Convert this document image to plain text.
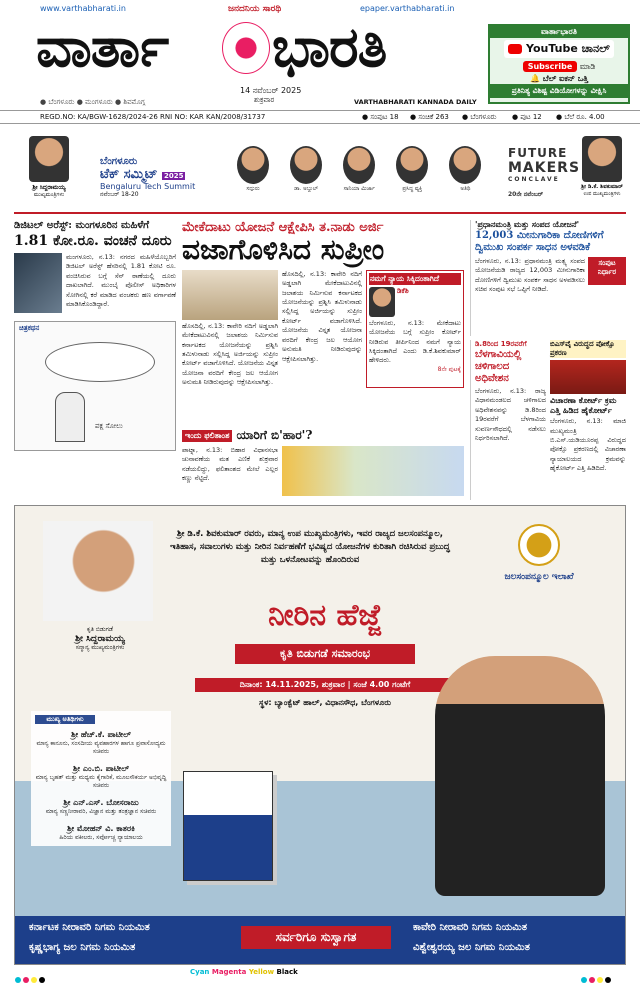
www.varthabharati.in	epaper.varthabharati.in
ಜನದನಿಯ ಸಾರಥಿ
ವಾರ್ತಾ ಭಾರತಿ
14 ನವೆಂಬರ್ 2025
ಶುಕ್ರವಾರ
● ಬೆಂಗಳೂರು ● ಮಂಗಳೂರು ● ಶಿವಮೊಗ್ಗ	VARTHABHARATI KANNADA DAILY
ವಾರ್ತಾಭಾರತಿ
YouTube ಚಾನಲ್
Subscribe ಮಾಡಿ
🔔 ಬೆಲ್ ಐಕನ್ ಒತ್ತಿ
ಪ್ರತಿನಿತ್ಯ ವಿಶಿಷ್ಟ ವಿಡಿಯೋಗಳನ್ನು ವೀಕ್ಷಿಸಿ
REGD.NO: KA/BGW-1628/2024-26 RNI NO: KAR KAN/2008/31737	● ಸಂಪುಟ 18 ● ಸಂಚಿಕೆ 263 ● ಬೆಂಗಳೂರು ● ಪುಟ 12 ● ಬೆಲೆ ರೂ. 4.00
ಶ್ರೀ ಸಿದ್ದರಾಮಯ್ಯ
ಮುಖ್ಯಮಂತ್ರಿಗಳು
ಬೆಂಗಳೂರು
ಟೆಕ್ ಸಮ್ಮಿಟ್ 2025
Bengaluru Tech Summit
ನವೆಂಬರ್ 18-20
ಸದ್ಗುರು	ಡಾ. ಅಬ್ದುಲ್	ಸಾನಿಯಾ ಮಿರ್ಜಾ	ಪ್ರಸಿದ್ಧ ವ್ಯಕ್ತಿ	ಅತಿಥಿ
FUTURE
MAKERS
CONCLAVE
20ನೇ ನವೆಂಬರ್
ಶ್ರೀ ಡಿ.ಕೆ. ಶಿವಕುಮಾರ್
ಉಪ ಮುಖ್ಯಮಂತ್ರಿಗಳು
ಡಿಜಿಟಲ್ ಅರೆಸ್ಟ್: ಮಂಗಳೂರಿನ ಮಹಿಳೆಗೆ
1.81 ಕೋ.ರೂ. ವಂಚನೆ ದೂರು
ಮಂಗಳೂರು, ನ.13: ನಗರದ ಮಹಿಳೆಯೊಬ್ಬರಿಗೆ ಡಿಜಿಟಲ್ ಅರೆಸ್ಟ್ ಹೆಸರಿನಲ್ಲಿ 1.81 ಕೋಟಿ ರೂ. ವಂಚಿಸಿರುವ ಬಗ್ಗೆ ಸೆನ್ ಠಾಣೆಯಲ್ಲಿ ದೂರು ದಾಖಲಾಗಿದೆ. ಮುಂಬೈ ಪೊಲೀಸ್ ಅಧಿಕಾರಿಗಳ ಸೋಗಿನಲ್ಲಿ ಕರೆ ಮಾಡಿದ ವಂಚಕರು ಹಣ ವರ್ಗಾವಣೆ ಮಾಡಿಸಿಕೊಂಡಿದ್ದಾರೆ.
ಚಿತ್ರಕಥನ
ಪಕ್ಷ ಸೋಲು
ಮೇಕೆದಾಟು ಯೋಜನೆ ಆಕ್ಷೇಪಿಸಿ ತ.ನಾಡು ಅರ್ಜಿ
ವಜಾಗೊಳಿಸಿದ ಸುಪ್ರೀಂ
ಹೊಸದಿಲ್ಲಿ, ನ.13: ಕಾವೇರಿ ನದಿಗೆ ಅಡ್ಡಲಾಗಿ ಮೇಕೆದಾಟುವಿನಲ್ಲಿ ಜಲಾಶಯ ನಿರ್ಮಿಸುವ ಕರ್ನಾಟಕದ ಯೋಜನೆಯನ್ನು ಪ್ರಶ್ನಿಸಿ ತಮಿಳುನಾಡು ಸಲ್ಲಿಸಿದ್ದ ಅರ್ಜಿಯನ್ನು ಸುಪ್ರೀಂ ಕೋರ್ಟ್ ವಜಾಗೊಳಿಸಿದೆ. ಯೋಜನೆಯ ವಿಸ್ತೃತ ಯೋಜನಾ ವರದಿಗೆ ಕೇಂದ್ರ ಜಲ ಆಯೋಗ ಅನುಮತಿ ನೀಡಿರುವುದನ್ನು ಆಕ್ಷೇಪಿಸಲಾಗಿತ್ತು.
ಹೊಸದಿಲ್ಲಿ, ನ.13: ಕಾವೇರಿ ನದಿಗೆ ಅಡ್ಡಲಾಗಿ ಮೇಕೆದಾಟುವಿನಲ್ಲಿ ಜಲಾಶಯ ನಿರ್ಮಿಸುವ ಕರ್ನಾಟಕದ ಯೋಜನೆಯನ್ನು ಪ್ರಶ್ನಿಸಿ ತಮಿಳುನಾಡು ಸಲ್ಲಿಸಿದ್ದ ಅರ್ಜಿಯನ್ನು ಸುಪ್ರೀಂ ಕೋರ್ಟ್ ವಜಾಗೊಳಿಸಿದೆ. ಯೋಜನೆಯ ವಿಸ್ತೃತ ಯೋಜನಾ ವರದಿಗೆ ಕೇಂದ್ರ ಜಲ ಆಯೋಗ ಅನುಮತಿ ನೀಡಿರುವುದನ್ನು ಆಕ್ಷೇಪಿಸಲಾಗಿತ್ತು.
ನಮಗೆ ನ್ಯಾಯ ಸಿಕ್ಕಿದಂತಾಗಿದೆ
ಡಿಕೆಶಿ
ಬೆಂಗಳೂರು, ನ.13: ಮೇಕೆದಾಟು ಯೋಜನೆಯ ಬಗ್ಗೆ ಸುಪ್ರೀಂ ಕೋರ್ಟ್ ನೀಡಿರುವ ತೀರ್ಪಿನಿಂದ ನಮಗೆ ನ್ಯಾಯ ಸಿಕ್ಕಿದಂತಾಗಿದೆ ಎಂದು ಡಿ.ಕೆ.ಶಿವಕುಮಾರ್ ಹೇಳಿದರು.
8ನೇ ಪುಟಕ್ಕೆ
ಇಂದು ಫಲಿತಾಂಶ ಯಾರಿಗೆ ಬಿ'ಹಾರ'?
ಪಾಟ್ನಾ, ನ.13: ಬಿಹಾರ ವಿಧಾನಸಭಾ ಚುನಾವಣೆಯ ಮತ ಎಣಿಕೆ ಶುಕ್ರವಾರ ನಡೆಯಲಿದ್ದು, ಫಲಿತಾಂಶದ ಮೇಲೆ ಎಲ್ಲರ ಕಣ್ಣು ನೆಟ್ಟಿದೆ.
'ಪ್ರಧಾನಮಂತ್ರಿ ಮತ್ತು ಸಂಪದ ಯೋಜನೆ'
12,003 ಮೀನುಗಾರಿಕಾ ದೋಣಿಗಳಿಗೆ ದ್ವಿಮುಖ ಸಂಪರ್ಕ ಸಾಧನ ಅಳವಡಿಕೆ
ಬೆಂಗಳೂರು, ನ.13: ಪ್ರಧಾನಮಂತ್ರಿ ಮತ್ಸ್ಯ ಸಂಪದ ಯೋಜನೆಯಡಿ ರಾಜ್ಯದ 12,003 ಮೀನುಗಾರಿಕಾ ದೋಣಿಗಳಿಗೆ ದ್ವಿಮುಖ ಸಂಪರ್ಕ ಸಾಧನ ಅಳವಡಿಸಲು ಸಚಿವ ಸಂಪುಟ ಸಭೆ ಒಪ್ಪಿಗೆ ನೀಡಿದೆ.
ಸಂಪುಟ ನಿರ್ಧಾರ
ಡಿ.8ರಿಂದ 19ರವರೆಗೆ
ಬೆಳಗಾವಿಯಲ್ಲಿ ಚಳಿಗಾಲದ ಅಧಿವೇಶನ
ಬೆಂಗಳೂರು, ನ.13: ರಾಜ್ಯ ವಿಧಾನಮಂಡಲದ ಚಳಿಗಾಲದ ಅಧಿವೇಶನವನ್ನು ಡಿ.8ರಿಂದ 19ರವರೆಗೆ ಬೆಳಗಾವಿಯ ಸುವರ್ಣಸೌಧದಲ್ಲಿ ನಡೆಸಲು ನಿರ್ಧರಿಸಲಾಗಿದೆ.
ಬಿಎಸ್‌ವೈ ವಿರುದ್ಧದ ಪೋಕ್ಸೊ ಪ್ರಕರಣ
ವಿಚಾರಣಾ ಕೋರ್ಟ್ ಕ್ರಮ ಎತ್ತಿ ಹಿಡಿದ ಹೈಕೋರ್ಟ್
ಬೆಂಗಳೂರು, ನ.13: ಮಾಜಿ ಮುಖ್ಯಮಂತ್ರಿ ಬಿ.ಎಸ್.ಯಡಿಯೂರಪ್ಪ ವಿರುದ್ಧದ ಪೋಕ್ಸೊ ಪ್ರಕರಣದಲ್ಲಿ ವಿಚಾರಣಾ ನ್ಯಾಯಾಲಯದ ಕ್ರಮವನ್ನು ಹೈಕೋರ್ಟ್ ಎತ್ತಿ ಹಿಡಿದಿದೆ.
ಕೃತಿ ಬಿಡುಗಡೆ
ಶ್ರೀ ಸಿದ್ದರಾಮಯ್ಯ
ಸನ್ಮಾನ್ಯ ಮುಖ್ಯಮಂತ್ರಿಗಳು
ಶ್ರೀ ಡಿ.ಕೆ. ಶಿವಕುಮಾರ್ ರವರು, ಮಾನ್ಯ ಉಪ ಮುಖ್ಯಮಂತ್ರಿಗಳು, ಇವರ ರಾಜ್ಯದ ಜಲಸಂಪನ್ಮೂಲ, ಇತಿಹಾಸ, ಸವಾಲುಗಳು ಮತ್ತು ನೀರಿನ ನಿರ್ವಹಣೆಗೆ ಭವಿಷ್ಯದ ಯೋಜನೆಗಳ ಕುರಿತಾಗಿ ರಚಿಸಿರುವ ಪ್ರಬುದ್ಧ ಮತ್ತು ಒಳನೋಟವನ್ನು ಹೊಂದಿರುವ
ಜಲಸಂಪನ್ಮೂಲ ಇಲಾಖೆ
ನೀರಿನ ಹೆಜ್ಜೆ
ಕೃತಿ ಬಿಡುಗಡೆ ಸಮಾರಂಭ
ದಿನಾಂಕ: 14.11.2025, ಶುಕ್ರವಾರ | ಸಂಜೆ 4.00 ಗಂಟೆಗೆ
ಸ್ಥಳ: ಬ್ಯಾಂಕ್ವೆಟ್ ಹಾಲ್, ವಿಧಾನಸೌಧ, ಬೆಂಗಳೂರು
ಮುಖ್ಯ ಅತಿಥಿಗಳು
ಶ್ರೀ ಹೆಚ್.ಕೆ. ಪಾಟೀಲ್
ಮಾನ್ಯ ಕಾನೂನು, ಸಂಸದೀಯ ವ್ಯವಹಾರಗಳ ಹಾಗೂ ಪ್ರವಾಸೋದ್ಯಮ ಸಚಿವರು
ಶ್ರೀ ಎಂ.ಬಿ. ಪಾಟೀಲ್
ಮಾನ್ಯ ಬೃಹತ್ ಮತ್ತು ಮಧ್ಯಮ ಕೈಗಾರಿಕೆ, ಮೂಲಸೌಕರ್ಯ ಅಭಿವೃದ್ಧಿ ಸಚಿವರು
ಶ್ರೀ ಎನ್.ಎಸ್. ಬೋಸರಾಜು
ಮಾನ್ಯ ಸಣ್ಣನೀರಾವರಿ, ವಿಜ್ಞಾನ ಮತ್ತು ತಂತ್ರಜ್ಞಾನ ಸಚಿವರು
ಶ್ರೀ ಮೋಹನ್ ವಿ. ಕಾತರಕಿ
ಹಿರಿಯ ವಕೀಲರು, ಸರ್ವೋಚ್ಚ ನ್ಯಾಯಾಲಯ
ಕರ್ನಾಟಕ ನೀರಾವರಿ ನಿಗಮ ನಿಯಮಿತ
ಕೃಷ್ಣಭಾಗ್ಯ ಜಲ ನಿಗಮ ನಿಯಮಿತ
ಸರ್ವರಿಗೂ ಸುಸ್ವಾಗತ
ಕಾವೇರಿ ನೀರಾವರಿ ನಿಗಮ ನಿಯಮಿತ
ವಿಶ್ವೇಶ್ವರಯ್ಯ ಜಲ ನಿಗಮ ನಿಯಮಿತ
Cyan Magenta Yellow Black
